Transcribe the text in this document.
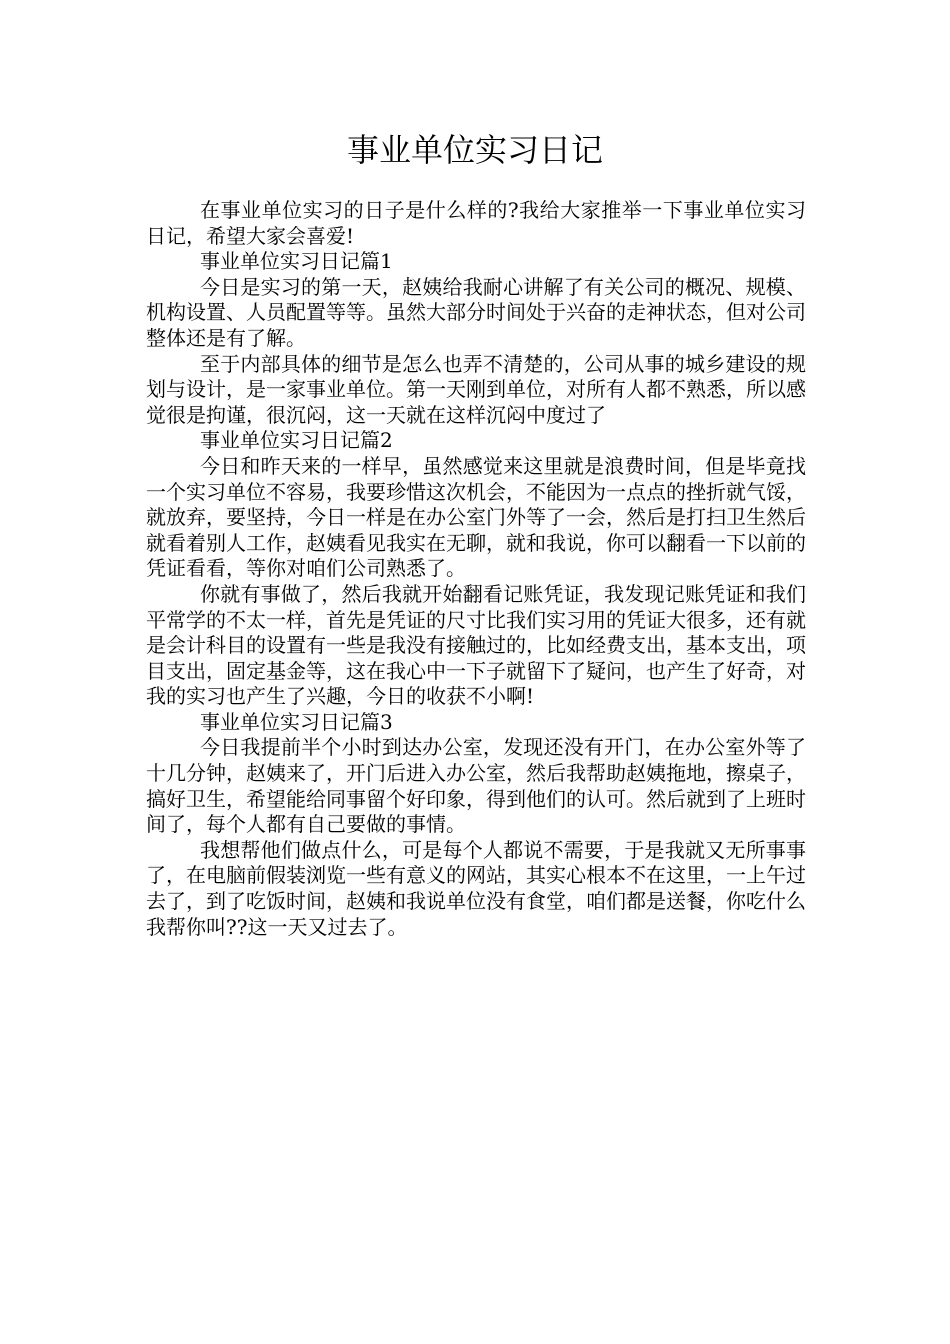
事业单位实习日记

在事业单位实习的日子是什么样的?我给大家推举一下事业单位实习日记，希望大家会喜爱!

事业单位实习日记篇1

今日是实习的第一天，赵姨给我耐心讲解了有关公司的概况、规模、机构设置、人员配置等等。虽然大部分时间处于兴奋的走神状态，但对公司整体还是有了解。

至于内部具体的细节是怎么也弄不清楚的，公司从事的城乡建设的规划与设计，是一家事业单位。第一天刚到单位，对所有人都不熟悉，所以感觉很是拘谨，很沉闷，这一天就在这样沉闷中度过了

事业单位实习日记篇2

今日和昨天来的一样早，虽然感觉来这里就是浪费时间，但是毕竟找一个实习单位不容易，我要珍惜这次机会，不能因为一点点的挫折就气馁，就放弃，要坚持，今日一样是在办公室门外等了一会，然后是打扫卫生然后就看着别人工作，赵姨看见我实在无聊，就和我说，你可以翻看一下以前的凭证看看，等你对咱们公司熟悉了。

你就有事做了，然后我就开始翻看记账凭证，我发现记账凭证和我们平常学的不太一样，首先是凭证的尺寸比我们实习用的凭证大很多，还有就是会计科目的设置有一些是我没有接触过的，比如经费支出，基本支出，项目支出，固定基金等，这在我心中一下子就留下了疑问，也产生了好奇，对我的实习也产生了兴趣，今日的收获不小啊!

事业单位实习日记篇3

今日我提前半个小时到达办公室，发现还没有开门，在办公室外等了十几分钟，赵姨来了，开门后进入办公室，然后我帮助赵姨拖地，擦桌子，搞好卫生，希望能给同事留个好印象，得到他们的认可。然后就到了上班时间了，每个人都有自己要做的事情。

我想帮他们做点什么，可是每个人都说不需要，于是我就又无所事事了，在电脑前假装浏览一些有意义的网站，其实心根本不在这里，一上午过去了，到了吃饭时间，赵姨和我说单位没有食堂，咱们都是送餐，你吃什么我帮你叫??这一天又过去了。
